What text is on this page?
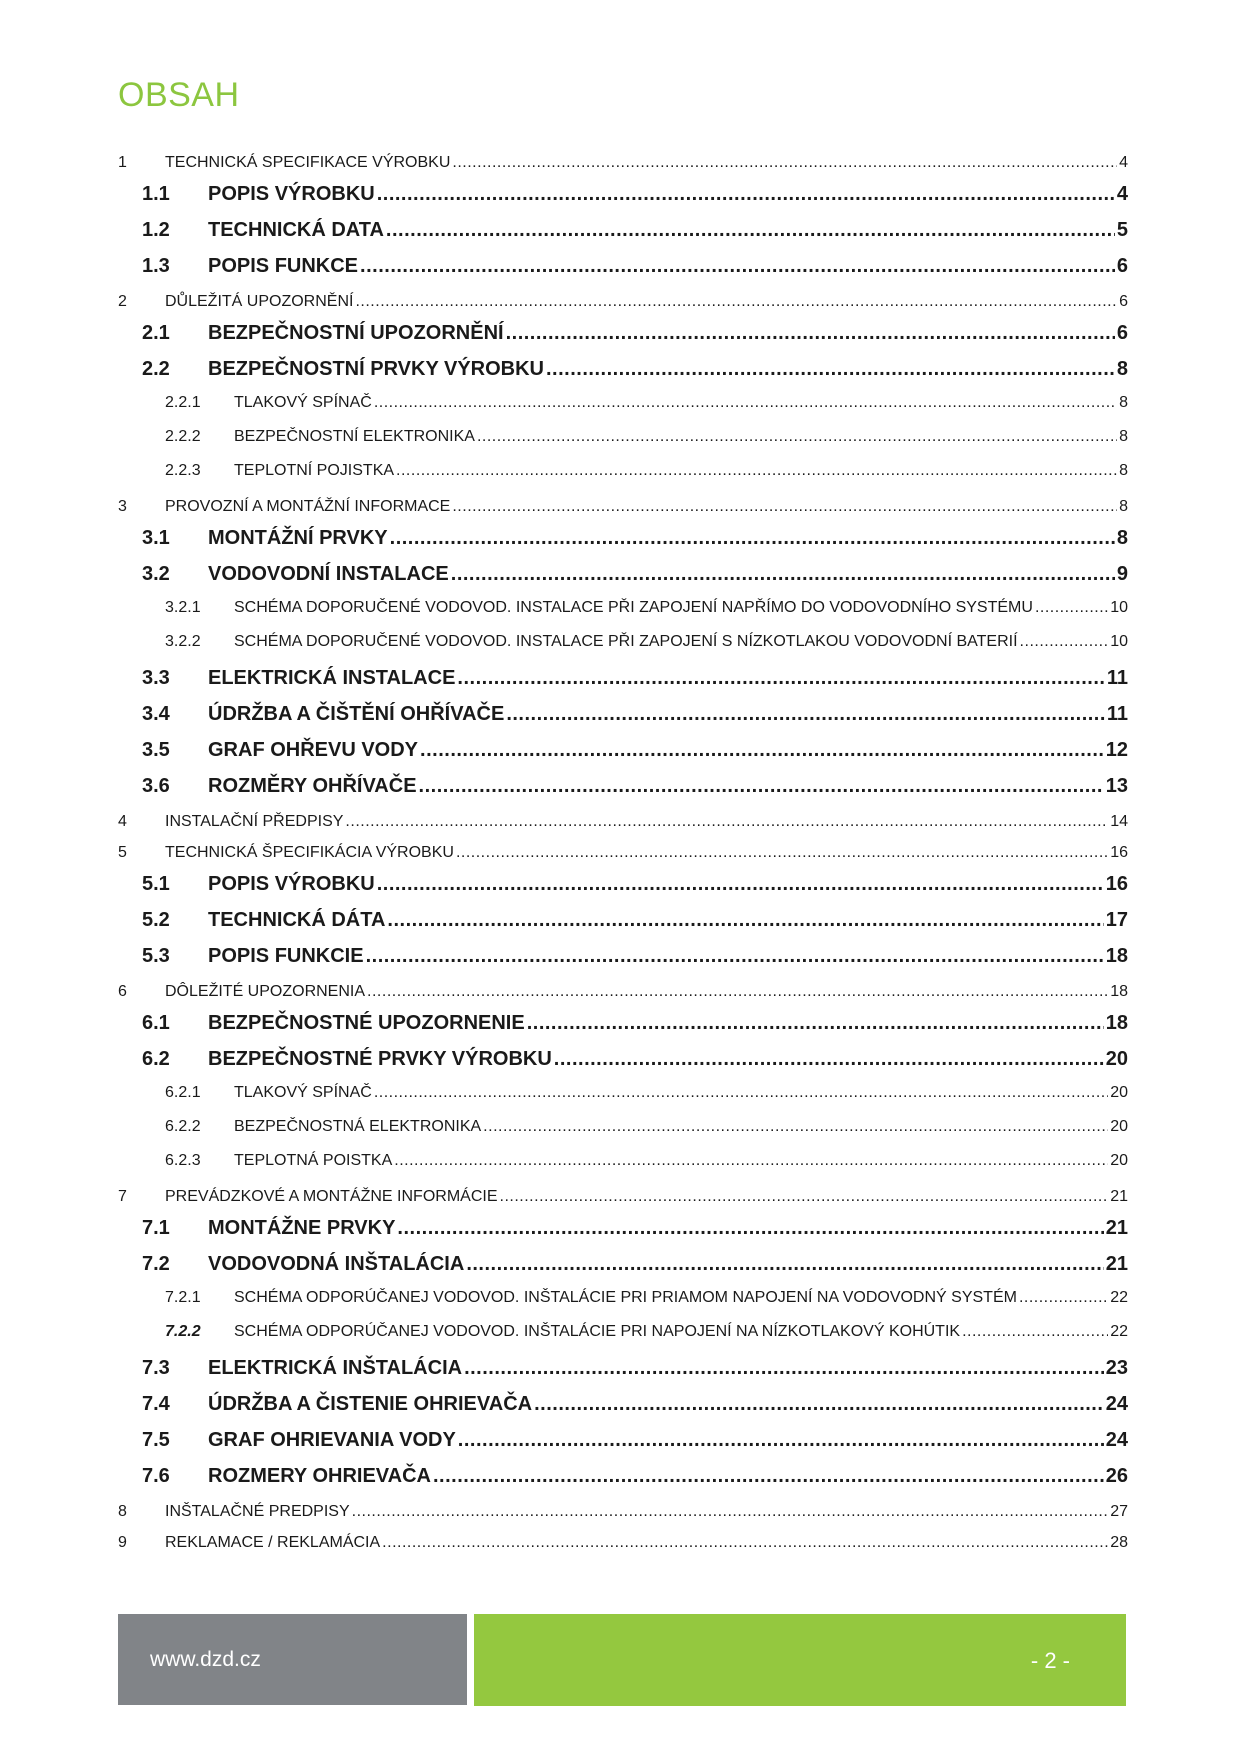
OBSAH
1	TECHNICKÁ SPECIFIKACE VÝROBKU .....	4
1.1	POPIS VÝROBKU .....	4
1.2	TECHNICKÁ DATA .....	5
1.3	POPIS FUNKCE .....	6
2	DŮLEŽITÁ UPOZORNĚNÍ .....	6
2.1	BEZPEČNOSTNÍ UPOZORNĚNÍ .....	6
2.2	BEZPEČNOSTNÍ PRVKY VÝROBKU .....	8
2.2.1	TLAKOVÝ SPÍNAČ .....	8
2.2.2	BEZPEČNOSTNÍ ELEKTRONIKA .....	8
2.2.3	TEPLOTNÍ POJISTKA .....	8
3	PROVOZNÍ A MONTÁŽNÍ INFORMACE .....	8
3.1	MONTÁŽNÍ PRVKY .....	8
3.2	VODOVODNÍ INSTALACE .....	9
3.2.1	SCHÉMA DOPORUČENÉ VODOVOD. INSTALACE PŘI ZAPOJENÍ NAPŘÍMO DO VODOVODNÍHO SYSTÉMU .....	10
3.2.2	SCHÉMA DOPORUČENÉ VODOVOD. INSTALACE PŘI ZAPOJENÍ S NÍZKOTLAKOU VODOVODNÍ BATERIÍ .....	10
3.3	ELEKTRICKÁ INSTALACE .....	11
3.4	ÚDRŽBA A ČIŠTĚNÍ OHŘÍVAČE .....	11
3.5	GRAF OHŘEVU VODY .....	12
3.6	ROZMĚRY OHŘÍVAČE .....	13
4	INSTALAČNÍ PŘEDPISY .....	14
5	TECHNICKÁ ŠPECIFIKÁCIA VÝROBKU .....	16
5.1	POPIS VÝROBKU .....	16
5.2	TECHNICKÁ DÁTA .....	17
5.3	POPIS FUNKCIE .....	18
6	DÔLEŽITÉ UPOZORNENIA .....	18
6.1	BEZPEČNOSTNÉ UPOZORNENIE .....	18
6.2	BEZPEČNOSTNÉ PRVKY VÝROBKU .....	20
6.2.1	TLAKOVÝ SPÍNAČ .....	20
6.2.2	BEZPEČNOSTNÁ ELEKTRONIKA .....	20
6.2.3	TEPLOTNÁ POISTKA .....	20
7	PREVÁDZKOVÉ A MONTÁŽNE INFORMÁCIE .....	21
7.1	MONTÁŽNE PRVKY .....	21
7.2	VODOVODNÁ INŠTALÁCIA .....	21
7.2.1	SCHÉMA ODPORÚČANEJ VODOVOD. INŠTALÁCIE PRI PRIAMOM NAPOJENÍ NA VODOVODNÝ SYSTÉM .....	22
7.2.2	SCHÉMA ODPORÚČANEJ VODOVOD. INŠTALÁCIE PRI NAPOJENÍ NA NÍZKOTLAKOVÝ KOHÚTIK .....	22
7.3	ELEKTRICKÁ INŠTALÁCIA .....	23
7.4	ÚDRŽBA A ČISTENIE OHRIEVAČA .....	24
7.5	GRAF OHRIEVANIA VODY .....	24
7.6	ROZMERY OHRIEVAČA .....	26
8	INŠTALAČNÉ PREDPISY .....	27
9	REKLAMACE / REKLAMÁCIA .....	28
www.dzd.cz	- 2 -
